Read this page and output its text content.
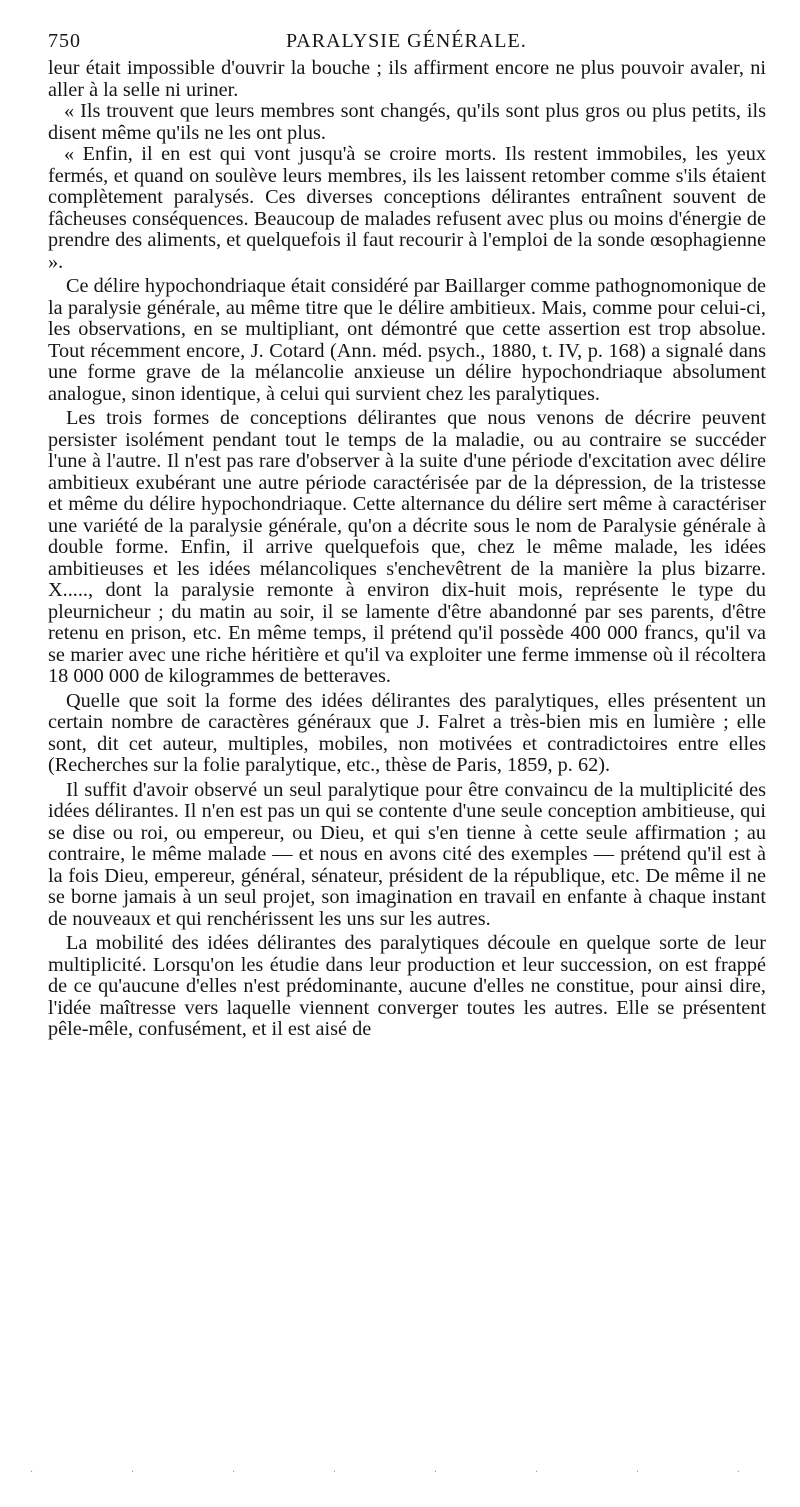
750	PARALYSIE GÉNÉRALE.

leur était impossible d'ouvrir la bouche ; ils affirment encore ne plus pouvoir avaler, ni aller à la selle ni uriner.

« Ils trouvent que leurs membres sont changés, qu'ils sont plus gros ou plus petits, ils disent même qu'ils ne les ont plus.

« Enfin, il en est qui vont jusqu'à se croire morts. Ils restent immobiles, les yeux fermés, et quand on soulève leurs membres, ils les laissent retomber comme s'ils étaient complètement paralysés. Ces diverses conceptions délirantes entraînent souvent de fâcheuses conséquences. Beaucoup de malades refusent avec plus ou moins d'énergie de prendre des aliments, et quelquefois il faut recourir à l'emploi de la sonde œsophagienne ».

Ce délire hypochondriaque était considéré par Baillarger comme pathognomonique de la paralysie générale, au même titre que le délire ambitieux. Mais, comme pour celui-ci, les observations, en se multipliant, ont démontré que cette assertion est trop absolue. Tout récemment encore, J. Cotard (Ann. méd. psych., 1880, t. IV, p. 168) a signalé dans une forme grave de la mélancolie anxieuse un délire hypochondriaque absolument analogue, sinon identique, à celui qui survient chez les paralytiques.

Les trois formes de conceptions délirantes que nous venons de décrire peuvent persister isolément pendant tout le temps de la maladie, ou au contraire se succéder l'une à l'autre. Il n'est pas rare d'observer à la suite d'une période d'excitation avec délire ambitieux exubérant une autre période caractérisée par de la dépression, de la tristesse et même du délire hypochondriaque. Cette alternance du délire sert même à caractériser une variété de la paralysie générale, qu'on a décrite sous le nom de Paralysie générale à double forme. Enfin, il arrive quelquefois que, chez le même malade, les idées ambitieuses et les idées mélancoliques s'enchevêtrent de la manière la plus bizarre. X....., dont la paralysie remonte à environ dix-huit mois, représente le type du pleurnicheur ; du matin au soir, il se lamente d'être abandonné par ses parents, d'être retenu en prison, etc. En même temps, il prétend qu'il possède 400 000 francs, qu'il va se marier avec une riche héritière et qu'il va exploiter une ferme immense où il récoltera 18 000 000 de kilogrammes de betteraves.

Quelle que soit la forme des idées délirantes des paralytiques, elles présentent un certain nombre de caractères généraux que J. Falret a très-bien mis en lumière ; elle sont, dit cet auteur, multiples, mobiles, non motivées et contradictoires entre elles (Recherches sur la folie paralytique, etc., thèse de Paris, 1859, p. 62).

Il suffit d'avoir observé un seul paralytique pour être convaincu de la multiplicité des idées délirantes. Il n'en est pas un qui se contente d'une seule conception ambitieuse, qui se dise ou roi, ou empereur, ou Dieu, et qui s'en tienne à cette seule affirmation ; au contraire, le même malade — et nous en avons cité des exemples — prétend qu'il est à la fois Dieu, empereur, général, sénateur, président de la république, etc. De même il ne se borne jamais à un seul projet, son imagination en travail en enfante à chaque instant de nouveaux et qui renchérissent les uns sur les autres.

La mobilité des idées délirantes des paralytiques découle en quelque sorte de leur multiplicité. Lorsqu'on les étudie dans leur production et leur succession, on est frappé de ce qu'aucune d'elles n'est prédominante, aucune d'elles ne constitue, pour ainsi dire, l'idée maîtresse vers laquelle viennent converger toutes les autres. Elle se présentent pêle-mêle, confusément, et il est aisé de

·	·	·	·	·	·	·	·
